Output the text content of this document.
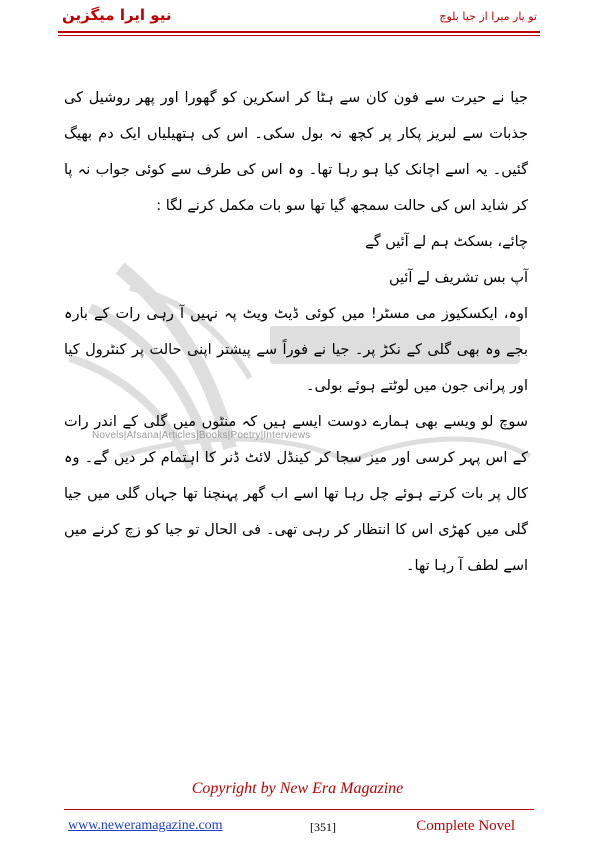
نیو ایرا میگزین	تو یار میرا از جیا بلوچ
Novels|Afsana|Articles|Books|Poetry|Interviews

جیا نے حیرت سے فون کان سے ہٹا کر اسکرین کو گھورا اور پھر روشیل کی جذبات سے لبریز پکار پر کچھ نہ بول سکی۔ اس کی ہتھیلیاں ایک دم بھیگ گئیں۔ یہ اسے اچانک کیا ہو رہا تھا۔ وہ اس کی طرف سے کوئی جواب نہ پا کر شاید اس کی حالت سمجھ گیا تھا سو بات مکمل کرنے لگا :

چائے، بسکٹ ہم لے آئیں گے

آپ بس تشریف لے آئیں

اوہ، ایکسکیوز می مسٹر! میں کوئی ڈیٹ ویٹ پہ نہیں آ رہی رات کے بارہ بجے وہ بھی گلی کے نکڑ پر۔ جیا نے فوراً سے پیشتر اپنی حالت پر کنٹرول کیا اور پرانی جون میں لوٹتے ہوئے بولی۔

سوچ لو ویسے بھی ہمارے دوست ایسے ہیں کہ منٹوں میں گلی کے اندر رات کے اس پہر کرسی اور میز سجا کر کینڈل لائٹ ڈنر کا اہتمام کر دیں گے۔ وہ کال پر بات کرتے ہوئے چل رہا تھا اسے اب گھر پہنچنا تھا جہاں گلی میں جیا گلی میں کھڑی اس کا انتظار کر رہی تھی۔ فی الحال تو جیا کو زچ کرنے میں اسے لطف آ رہا تھا۔

Copyright by New Era Magazine
www.neweramagazine.com	[351]	Complete Novel
